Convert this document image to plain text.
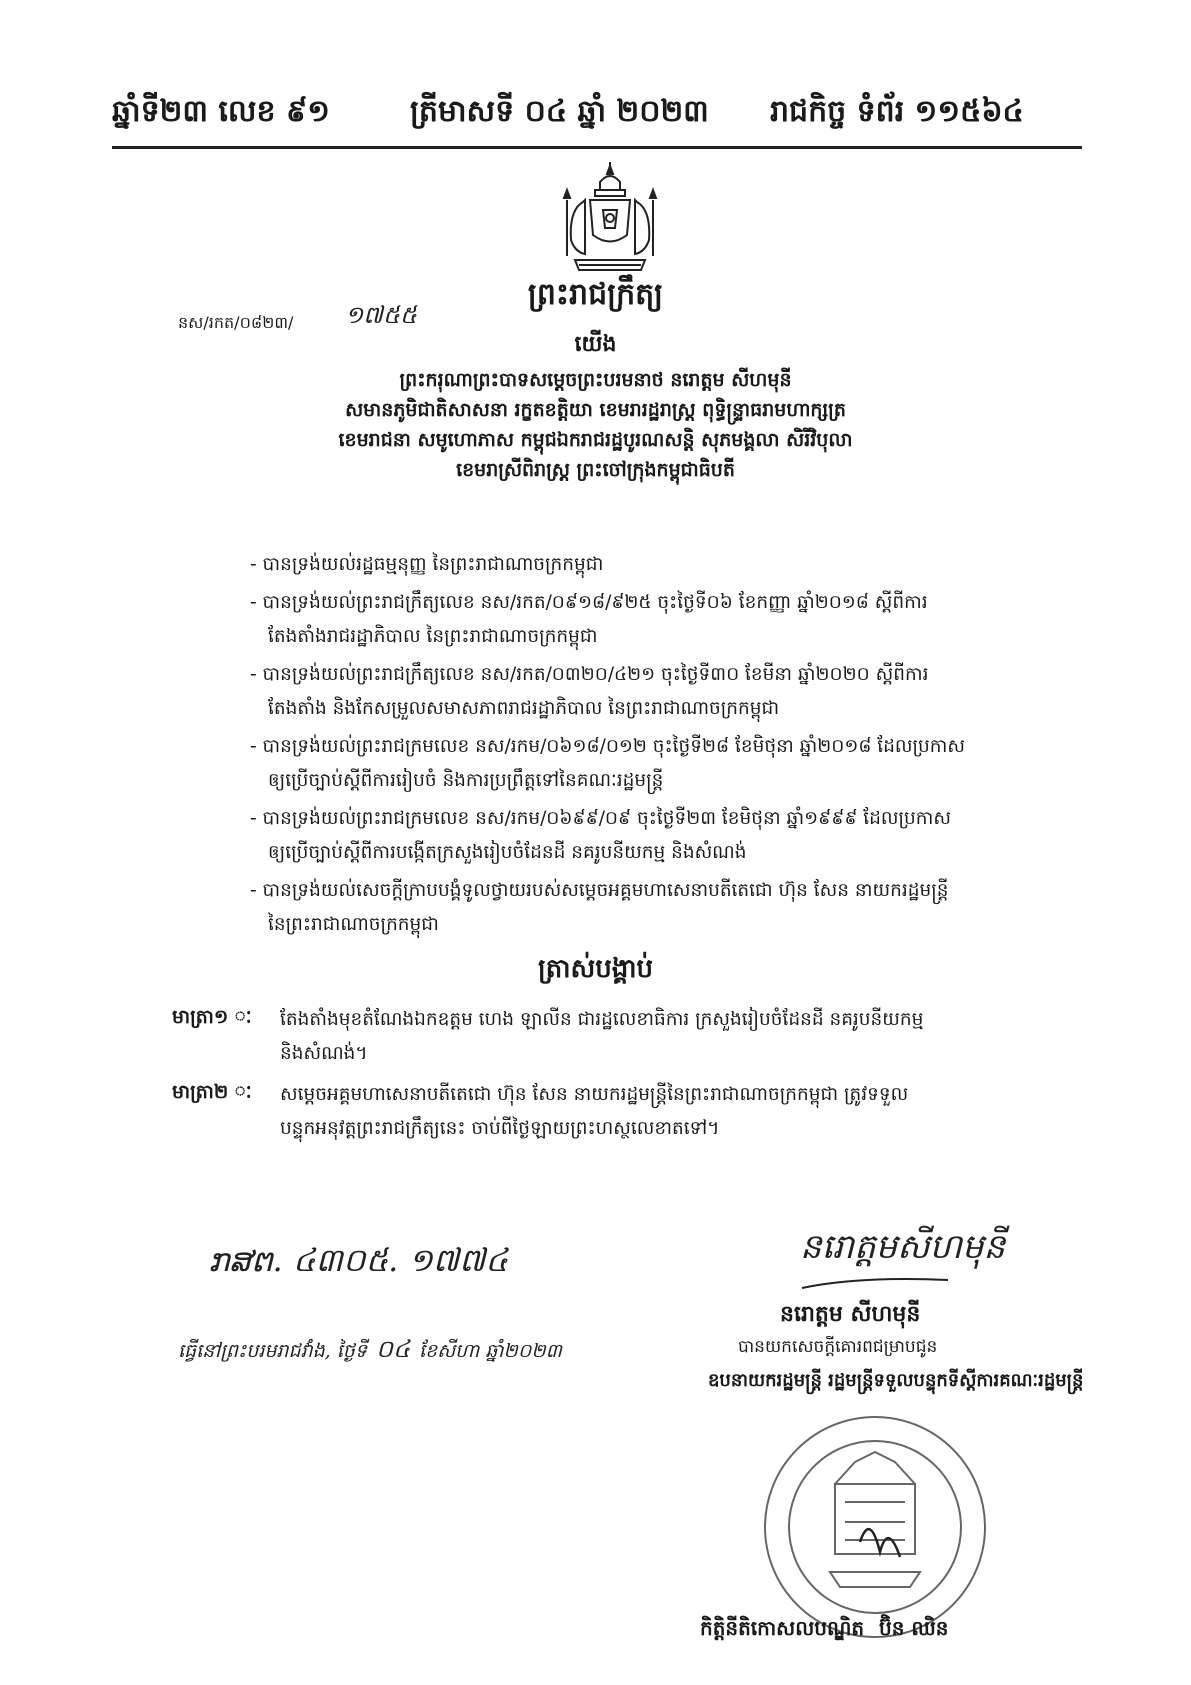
ឆ្នាំទី២៣ លេខ ៩១	ត្រីមាសទី ០៤ ឆ្នាំ ២០២៣ រាជកិច្ច ទំព័រ ១១៥៦៤
ព្រះរាជក្រឹត្យ
នស/រកត/០៨២៣/ ១៧៥៥
យើង
ព្រះករុណាព្រះបាទសម្តេចព្រះបរមនាថ នរោត្តម សីហមុនី
សមានភូមិជាតិសាសនា រក្ខតខត្តិយា ខេមរារដ្ឋរាស្ត្រ ពុទ្ធិន្ទ្រាធរាមហាក្សត្រ
ខេមរាជនា សមូហោភាស កម្ពុជឯករាជរដ្ឋបូរណសន្តិ សុភមង្គលា សិរីវិបុលា
ខេមរាស្រីពិរាស្ត្រ ព្រះចៅក្រុងកម្ពុជាធិបតី
- បានទ្រង់យល់រដ្ឋធម្មនុញ្ញ នៃព្រះរាជាណាចក្រកម្ពុជា
- បានទ្រង់យល់ព្រះរាជក្រឹត្យលេខ នស/រកត/០៩១៨/៩២៥ ចុះថ្ងៃទី០៦ ខែកញ្ញា ឆ្នាំ២០១៨ ស្តីពីការ
តែងតាំងរាជរដ្ឋាភិបាល នៃព្រះរាជាណាចក្រកម្ពុជា
- បានទ្រង់យល់ព្រះរាជក្រឹត្យលេខ នស/រកត/០៣២០/៤២១ ចុះថ្ងៃទី៣០ ខែមីនា ឆ្នាំ២០២០ ស្តីពីការ
តែងតាំង និងកែសម្រួលសមាសភាពរាជរដ្ឋាភិបាល នៃព្រះរាជាណាចក្រកម្ពុជា
- បានទ្រង់យល់ព្រះរាជក្រមលេខ នស/រកម/០៦១៨/០១២ ចុះថ្ងៃទី២៨ ខែមិថុនា ឆ្នាំ២០១៨ ដែលប្រកាស
ឲ្យប្រើច្បាប់ស្តីពីការរៀបចំ និងការប្រព្រឹត្តទៅនៃគណៈរដ្ឋមន្ត្រី
- បានទ្រង់យល់ព្រះរាជក្រមលេខ នស/រកម/០៦៩៩/០៩ ចុះថ្ងៃទី២៣ ខែមិថុនា ឆ្នាំ១៩៩៩ ដែលប្រកាស
ឲ្យប្រើច្បាប់ស្តីពីការបង្កើតក្រសួងរៀបចំដែនដី នគរូបនីយកម្ម និងសំណង់
- បានទ្រង់យល់សេចក្តីក្រាបបង្គំទូលថ្វាយរបស់សម្តេចអគ្គមហាសេនាបតីតេជោ ហ៊ុន សែន នាយករដ្ឋមន្ត្រី
នៃព្រះរាជាណាចក្រកម្ពុជា
ត្រាស់បង្គាប់
មាត្រា១ ៈ តែងតាំងមុខតំណែងឯកឧត្តម ហេង ឡាលីន ជារដ្ឋលេខាធិការ ក្រសួងរៀបចំដែនដី នគរូបនីយកម្ម
និងសំណង់។
មាត្រា២ ៈ សម្តេចអគ្គមហាសេនាបតីតេជោ ហ៊ុន សែន នាយករដ្ឋមន្ត្រីនៃព្រះរាជាណាចក្រកម្ពុជា ត្រូវទទួល
បន្ទុកអនុវត្តព្រះរាជក្រឹត្យនេះ ចាប់ពីថ្ងៃឡាយព្រះហស្ថលេខាតទៅ។
ກສຕ. ៤៣០៥. ១៧៧៤	នរោត្តមសីហមុនី
ធ្វើនៅព្រះបរមរាជវាំង, ថ្ងៃទី ០៤ ខែសីហា ឆ្នាំ២០២៣
នរោត្តម សីហមុនី
បានយកសេចក្តីគោរពជម្រាបជូន
ឧបនាយករដ្ឋមន្ត្រី រដ្ឋមន្ត្រីទទួលបន្ទុកទីស្តីការគណៈរដ្ឋមន្ត្រី
កិត្តិនីតិកោសលបណ្ឌិត ប៊ិន ឈិន
